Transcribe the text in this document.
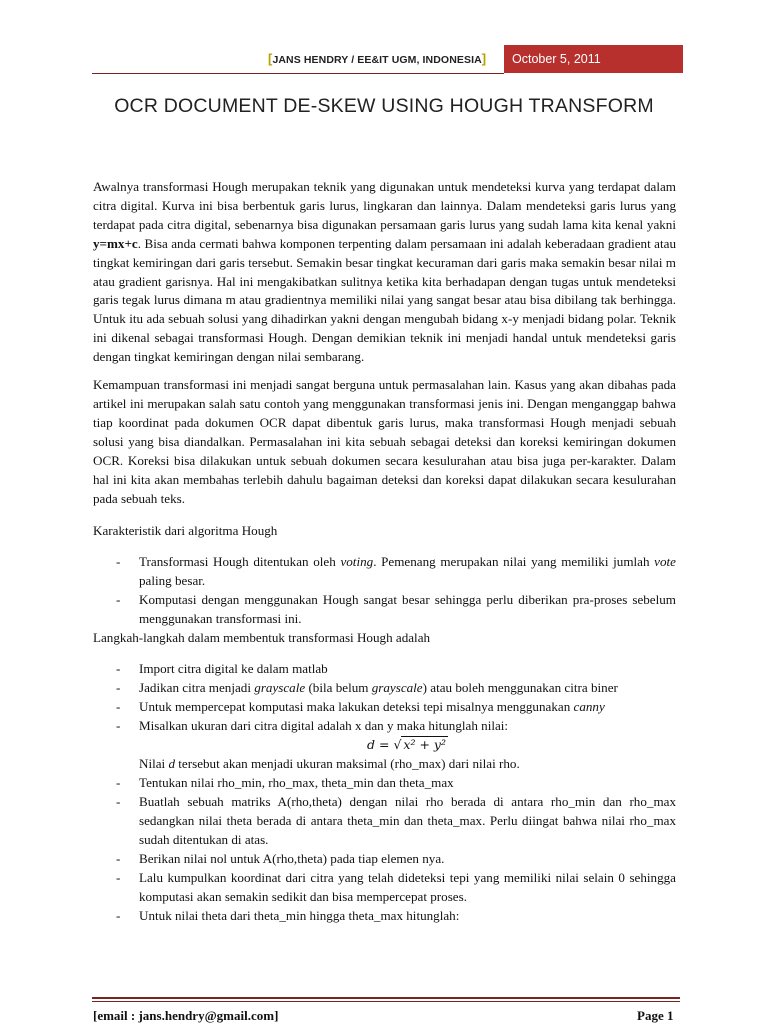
[JANS HENDRY / EE&IT UGM, INDONESIA]	October 5, 2011
OCR DOCUMENT DE-SKEW USING HOUGH TRANSFORM

Awalnya transformasi Hough merupakan teknik yang digunakan untuk mendeteksi kurva yang terdapat dalam citra digital. Kurva ini bisa berbentuk garis lurus, lingkaran dan lainnya. Dalam mendeteksi garis lurus yang terdapat pada citra digital, sebenarnya bisa digunakan persamaan garis lurus yang sudah lama kita kenal yakni y=mx+c. Bisa anda cermati bahwa komponen terpenting dalam persamaan ini adalah keberadaan gradient atau tingkat kemiringan dari garis tersebut. Semakin besar tingkat kecuraman dari garis maka semakin besar nilai m atau gradient garisnya. Hal ini mengakibatkan sulitnya ketika kita berhadapan dengan tugas untuk mendeteksi garis tegak lurus dimana m atau gradientnya memiliki nilai yang sangat besar atau bisa dibilang tak berhingga. Untuk itu ada sebuah solusi yang dihadirkan yakni dengan mengubah bidang x-y menjadi bidang polar. Teknik ini dikenal sebagai transformasi Hough. Dengan demikian teknik ini menjadi handal untuk mendeteksi garis dengan tingkat kemiringan dengan nilai sembarang.

Kemampuan transformasi ini menjadi sangat berguna untuk permasalahan lain. Kasus yang akan dibahas pada artikel ini merupakan salah satu contoh yang menggunakan transformasi jenis ini. Dengan menganggap bahwa tiap koordinat pada dokumen OCR dapat dibentuk garis lurus, maka transformasi Hough menjadi sebuah solusi yang bisa diandalkan. Permasalahan ini kita sebuah sebagai deteksi dan koreksi kemiringan dokumen OCR. Koreksi bisa dilakukan untuk sebuah dokumen secara kesulurahan atau bisa juga per-karakter. Dalam hal ini kita akan membahas terlebih dahulu bagaiman deteksi dan koreksi dapat dilakukan secara kesulurahan pada sebuah teks.

Karakteristik dari algoritma Hough

- Transformasi Hough ditentukan oleh voting. Pemenang merupakan nilai yang memiliki jumlah vote paling besar.
- Komputasi dengan menggunakan Hough sangat besar sehingga perlu diberikan pra-proses sebelum menggunakan transformasi ini.

Langkah-langkah dalam membentuk transformasi Hough adalah

- Import citra digital ke dalam matlab
- Jadikan citra menjadi grayscale (bila belum grayscale) atau boleh menggunakan citra biner
- Untuk mempercepat komputasi maka lakukan deteksi tepi misalnya menggunakan canny
- Misalkan ukuran dari citra digital adalah x dan y maka hitunglah nilai:
d = √ x² + y²
Nilai d tersebut akan menjadi ukuran maksimal (rho_max) dari nilai rho.
- Tentukan nilai rho_min, rho_max, theta_min dan theta_max
- Buatlah sebuah matriks A(rho,theta) dengan nilai rho berada di antara rho_min dan rho_max sedangkan nilai theta berada di antara theta_min dan theta_max. Perlu diingat bahwa nilai rho_max sudah ditentukan di atas.
- Berikan nilai nol untuk A(rho,theta) pada tiap elemen nya.
- Lalu kumpulkan koordinat dari citra yang telah dideteksi tepi yang memiliki nilai selain 0 sehingga komputasi akan semakin sedikit dan bisa mempercepat proses.
- Untuk nilai theta dari theta_min hingga theta_max hitunglah:
[email : jans.hendry@gmail.com]	Page 1
